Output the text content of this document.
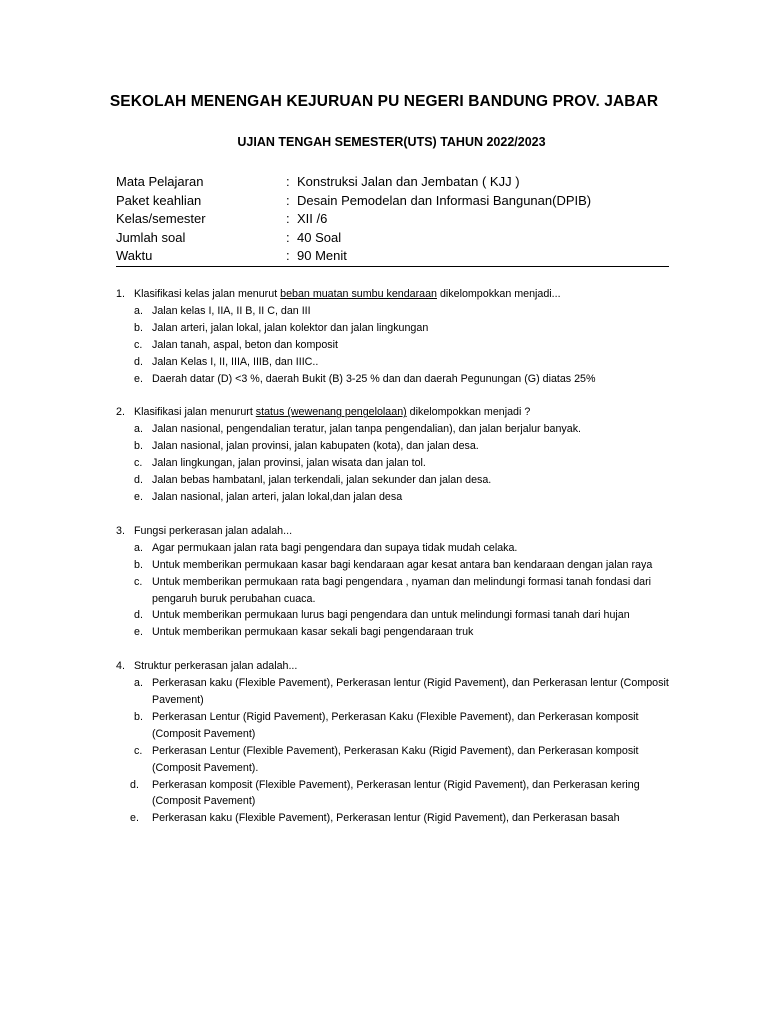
SEKOLAH MENENGAH KEJURUAN PU NEGERI BANDUNG PROV. JABAR
UJIAN TENGAH SEMESTER(UTS) TAHUN 2022/2023
Mata Pelajaran	: Konstruksi Jalan dan Jembatan ( KJJ )
Paket keahlian	: Desain Pemodelan dan Informasi Bangunan(DPIB)
Kelas/semester	: XII /6
Jumlah soal	: 40 Soal
Waktu	: 90 Menit
1. Klasifikasi kelas jalan menurut beban muatan sumbu kendaraan dikelompokkan menjadi...
a. Jalan kelas I, IIA, II B, II C, dan III
b. Jalan arteri, jalan lokal, jalan kolektor dan jalan lingkungan
c. Jalan tanah, aspal, beton dan komposit
d. Jalan Kelas I, II, IIIA, IIIB, dan IIIC..
e. Daerah datar (D) <3 %, daerah Bukit (B) 3-25 % dan dan daerah Pegunungan (G) diatas 25%
2. Klasifikasi jalan menururt status (wewenang pengelolaan) dikelompokkan menjadi ?
a. Jalan nasional, pengendalian teratur, jalan tanpa pengendalian), dan jalan berjalur banyak.
b. Jalan nasional, jalan provinsi, jalan kabupaten (kota), dan jalan desa.
c. Jalan lingkungan, jalan provinsi, jalan wisata dan jalan tol.
d. Jalan bebas hambatanl, jalan terkendali, jalan sekunder dan jalan desa.
e. Jalan nasional, jalan arteri, jalan lokal,dan jalan desa
3. Fungsi perkerasan jalan adalah...
a. Agar permukaan jalan rata bagi pengendara dan supaya tidak mudah celaka.
b. Untuk memberikan permukaan kasar bagi kendaraan agar kesat antara ban kendaraan dengan jalan raya
c. Untuk memberikan permukaan rata bagi pengendara , nyaman dan melindungi formasi tanah fondasi dari pengaruh buruk perubahan cuaca.
d. Untuk memberikan permukaan lurus bagi pengendara dan untuk melindungi formasi tanah dari hujan
e. Untuk memberikan permukaan kasar sekali bagi pengendaraan truk
4. Struktur perkerasan jalan adalah...
a. Perkerasan kaku (Flexible Pavement), Perkerasan lentur (Rigid Pavement), dan Perkerasan lentur (Composit Pavement)
b. Perkerasan Lentur (Rigid Pavement), Perkerasan Kaku (Flexible Pavement), dan Perkerasan komposit (Composit Pavement)
c. Perkerasan Lentur (Flexible Pavement), Perkerasan Kaku (Rigid Pavement), dan Perkerasan komposit (Composit Pavement).
d. Perkerasan komposit (Flexible Pavement), Perkerasan lentur (Rigid Pavement), dan Perkerasan kering (Composit Pavement)
e. Perkerasan kaku (Flexible Pavement), Perkerasan lentur (Rigid Pavement), dan Perkerasan basah
